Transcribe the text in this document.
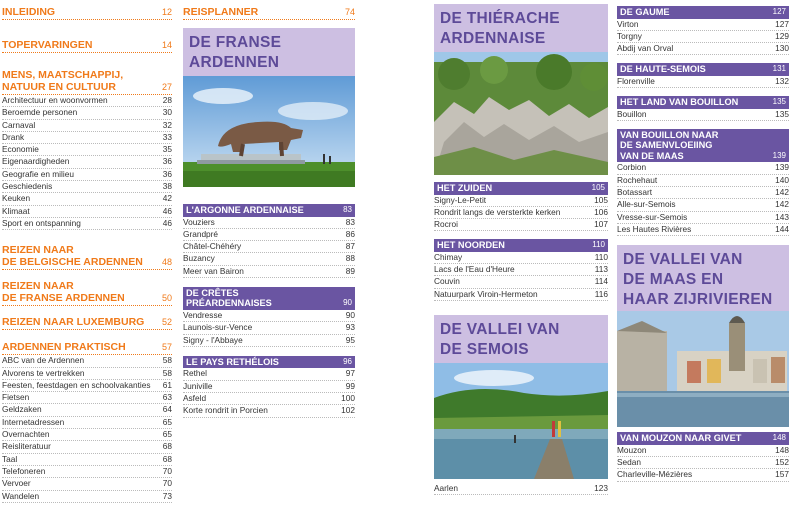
INLEIDING	12
TOPERVARINGEN	14
MENS, MAATSCHAPPIJ,
NATUUR EN CULTUUR	27
Architectuur en woonvormen	28
Beroemde personen	30
Carnaval	32
Drank	33
Economie	35
Eigenaardigheden	36
Geografie en milieu	36
Geschiedenis	38
Keuken	42
Klimaat	46
Sport en ontspanning	46
REIZEN NAAR
DE BELGISCHE ARDENNEN 48
REIZEN NAAR
DE FRANSE ARDENNEN	50
REIZEN NAAR LUXEMBURG 52
ARDENNEN PRAKTISCH	57
ABC van de Ardennen	58
Alvorens te vertrekken	58
Feesten, feestdagen en schoolvakanties	61
Fietsen	63
Geldzaken	64
Internetadressen	65
Overnachten	65
Reisliteratuur	68
Taal	68
Telefoneren	70
Vervoer	70
Wandelen	73
REISPLANNER	74
DE FRANSE
ARDENNEN
L'ARGONNE ARDENNAISE	83
Vouziers	83
Grandpré	86
Châtel-Chéhéry	87
Buzancy	88
Meer van Bairon	89
DE CRÊTES
PRÉARDENNAISES	90
Vendresse	90
Launois-sur-Vence	93
Signy - l'Abbaye	95
LE PAYS RETHÉLOIS	96
Rethel	97
Juniville	99
Asfeld	100
Korte rondrit in Porcien	102
DE THIÉRACHE
ARDENNAISE
HET ZUIDEN	105
Signy-Le-Petit	105
Rondrit langs de versterkte kerken	106
Rocroi	107
HET NOORDEN	110
Chimay	110
Lacs de l'Eau d'Heure	113
Couvin	114
Natuurpark Viroin-Hermeton	116
DE VALLEI VAN
DE SEMOIS
Aarlen	123
DE GAUME	127
Virton	127
Torgny	129
Abdij van Orval	130
DE HAUTE-SEMOIS	131
Florenville	132
HET LAND VAN BOUILLON	135
Bouillon	135
VAN BOUILLON NAAR
DE SAMENVLOEIING
VAN DE MAAS	139
Corbion	139
Rochehaut	140
Botassart	142
Alle-sur-Semois	142
Vresse-sur-Semois	143
Les Hautes Rivières	144
DE VALLEI VAN
DE MAAS EN
HAAR ZIJRIVIEREN
VAN MOUZON NAAR GIVET	148
Mouzon	148
Sedan	152
Charleville-Mézières	157
